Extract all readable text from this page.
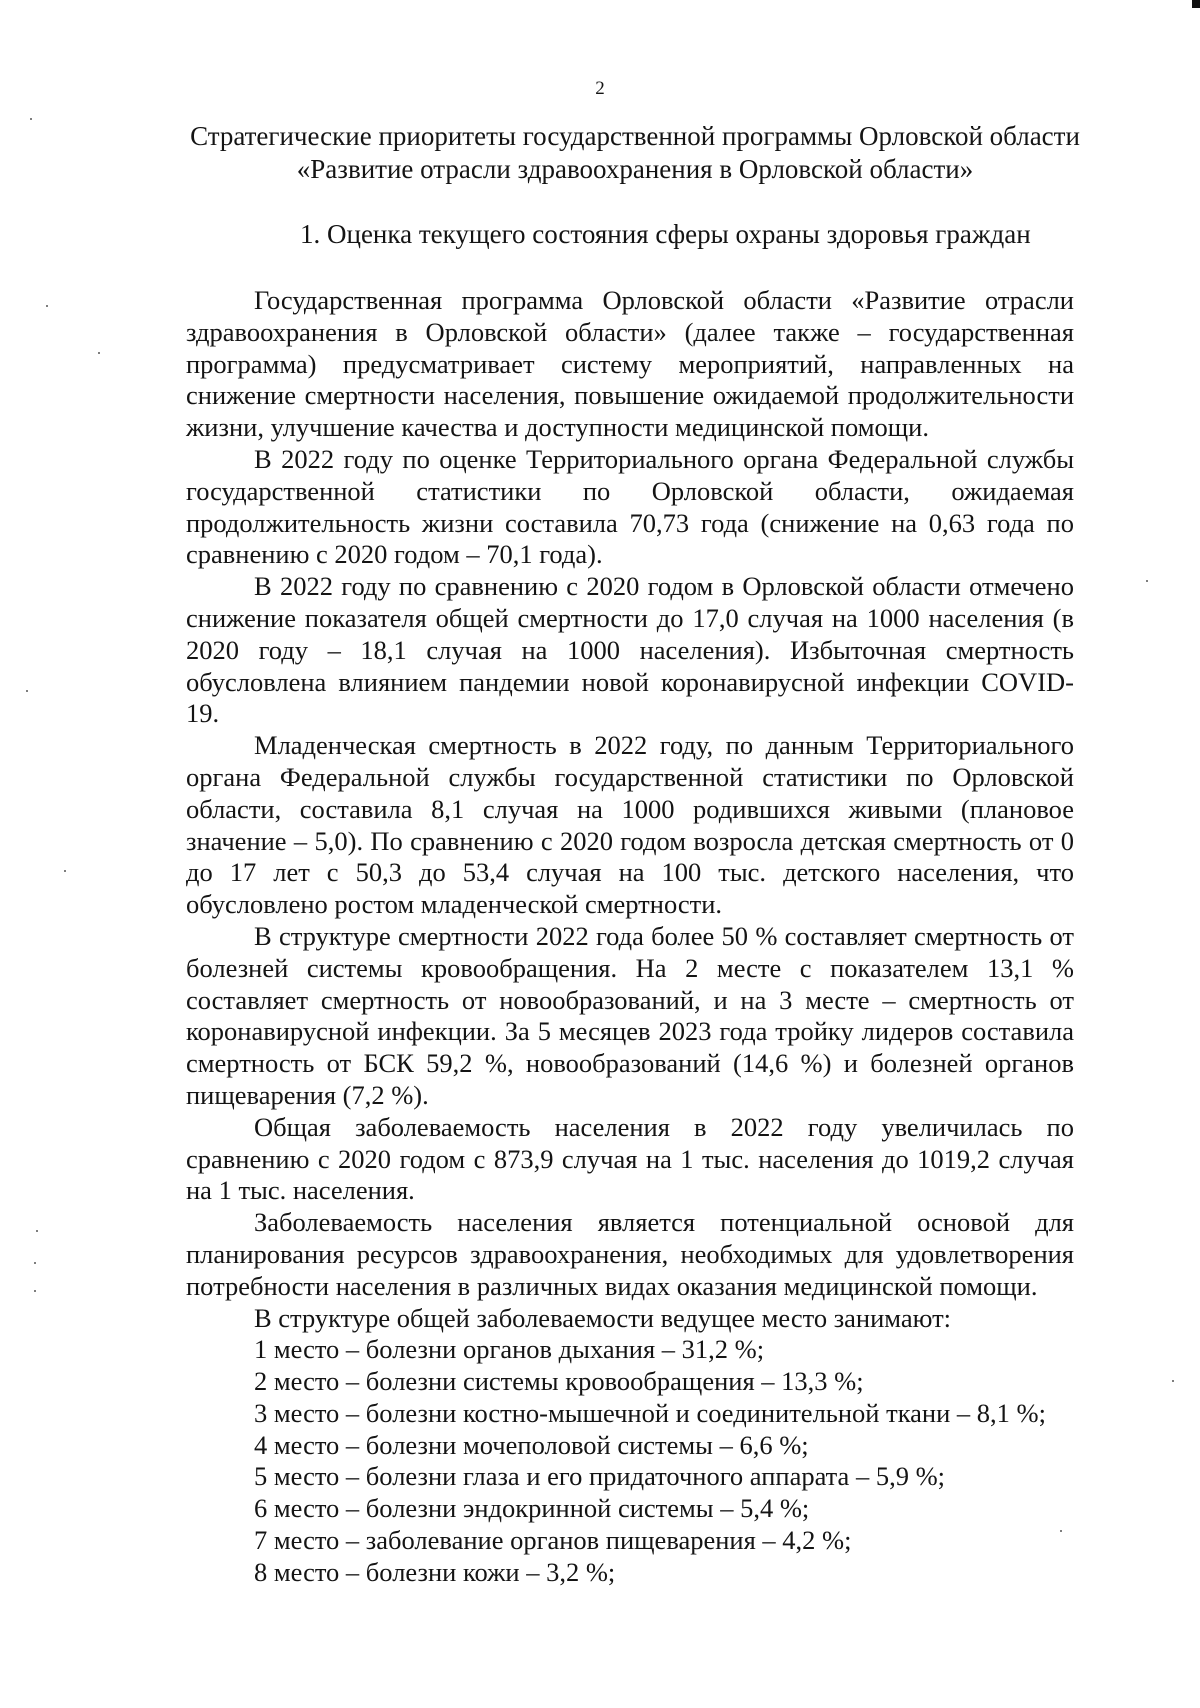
2
Стратегические приоритеты государственной программы Орловской области «Развитие отрасли здравоохранения в Орловской области»
1. Оценка текущего состояния сферы охраны здоровья граждан

Государственная программа Орловской области «Развитие отрасли здравоохранения в Орловской области» (далее также – государственная программа) предусматривает систему мероприятий, направленных на снижение смертности населения, повышение ожидаемой продолжительности жизни, улучшение качества и доступности медицинской помощи.

В 2022 году по оценке Территориального органа Федеральной службы государственной статистики по Орловской области, ожидаемая продолжительность жизни составила 70,73 года (снижение на 0,63 года по сравнению с 2020 годом – 70,1 года).

В 2022 году по сравнению с 2020 годом в Орловской области отмечено снижение показателя общей смертности до 17,0 случая на 1000 населения (в 2020 году – 18,1 случая на 1000 населения). Избыточная смертность обусловлена влиянием пандемии новой коронавирусной инфекции COVID-19.

Младенческая смертность в 2022 году, по данным Территориального органа Федеральной службы государственной статистики по Орловской области, составила 8,1 случая на 1000 родившихся живыми (плановое значение – 5,0). По сравнению с 2020 годом возросла детская смертность от 0 до 17 лет с 50,3 до 53,4 случая на 100 тыс. детского населения, что обусловлено ростом младенческой смертности.

В структуре смертности 2022 года более 50 % составляет смертность от болезней системы кровообращения. На 2 месте с показателем 13,1 % составляет смертность от новообразований, и на 3 месте – смертность от коронавирусной инфекции. За 5 месяцев 2023 года тройку лидеров составила смертность от БСК 59,2 %, новообразований (14,6 %) и болезней органов пищеварения (7,2 %).

Общая заболеваемость населения в 2022 году увеличилась по сравнению с 2020 годом с 873,9 случая на 1 тыс. населения до 1019,2 случая на 1 тыс. населения.

Заболеваемость населения является потенциальной основой для планирования ресурсов здравоохранения, необходимых для удовлетворения потребности населения в различных видах оказания медицинской помощи.

В структуре общей заболеваемости ведущее место занимают:

1 место – болезни органов дыхания – 31,2 %;
2 место – болезни системы кровообращения – 13,3 %;
3 место – болезни костно-мышечной и соединительной ткани – 8,1 %;
4 место – болезни мочеполовой системы – 6,6 %;
5 место – болезни глаза и его придаточного аппарата – 5,9 %;
6 место – болезни эндокринной системы – 5,4 %;
7 место – заболевание органов пищеварения – 4,2 %;
8 место – болезни кожи – 3,2 %;
